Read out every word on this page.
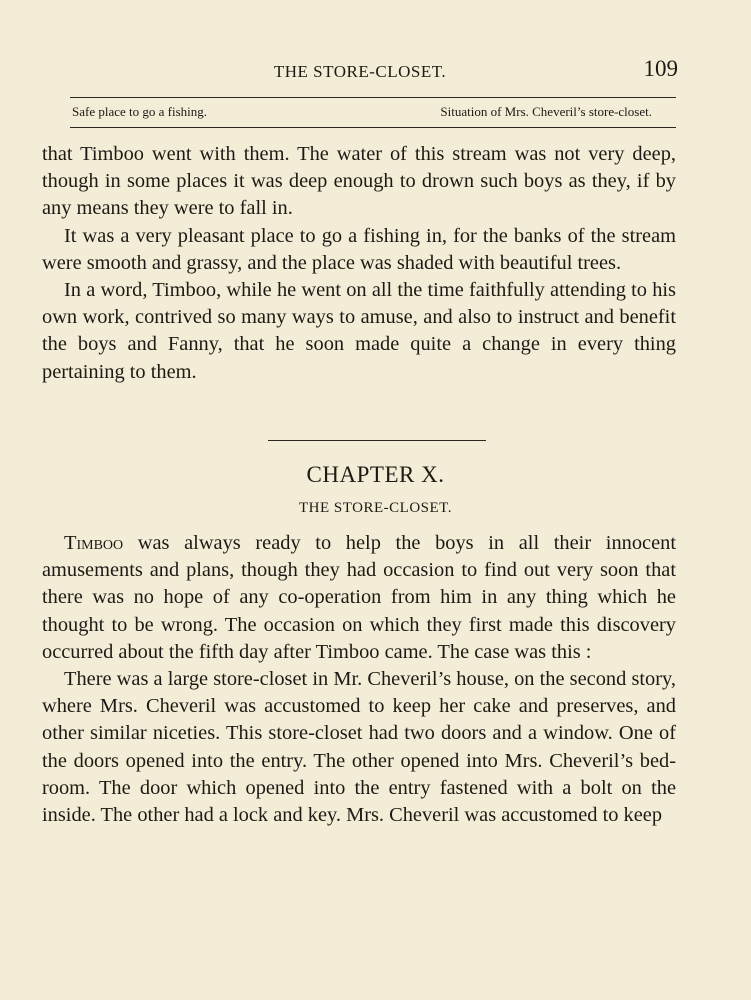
THE STORE-CLOSET.	109
Safe place to go a fishing.	Situation of Mrs. Cheveril’s store-closet.

that Timboo went with them. The water of this stream was not very deep, though in some places it was deep enough to drown such boys as they, if by any means they were to fall in.

It was a very pleasant place to go a fishing in, for the banks of the stream were smooth and grassy, and the place was shaded with beautiful trees.

In a word, Timboo, while he went on all the time faithfully attending to his own work, contrived so many ways to amuse, and also to instruct and benefit the boys and Fanny, that he soon made quite a change in every thing pertaining to them.

CHAPTER X.
THE STORE-CLOSET.

Timboo was always ready to help the boys in all their innocent amusements and plans, though they had occasion to find out very soon that there was no hope of any co-operation from him in any thing which he thought to be wrong. The occasion on which they first made this discovery occurred about the fifth day after Timboo came. The case was this :

There was a large store-closet in Mr. Cheveril’s house, on the second story, where Mrs. Cheveril was accustomed to keep her cake and preserves, and other similar niceties. This store-closet had two doors and a window. One of the doors opened into the entry. The other opened into Mrs. Cheveril’s bed-room. The door which opened into the entry fastened with a bolt on the inside. The other had a lock and key. Mrs. Cheveril was accustomed to keep
